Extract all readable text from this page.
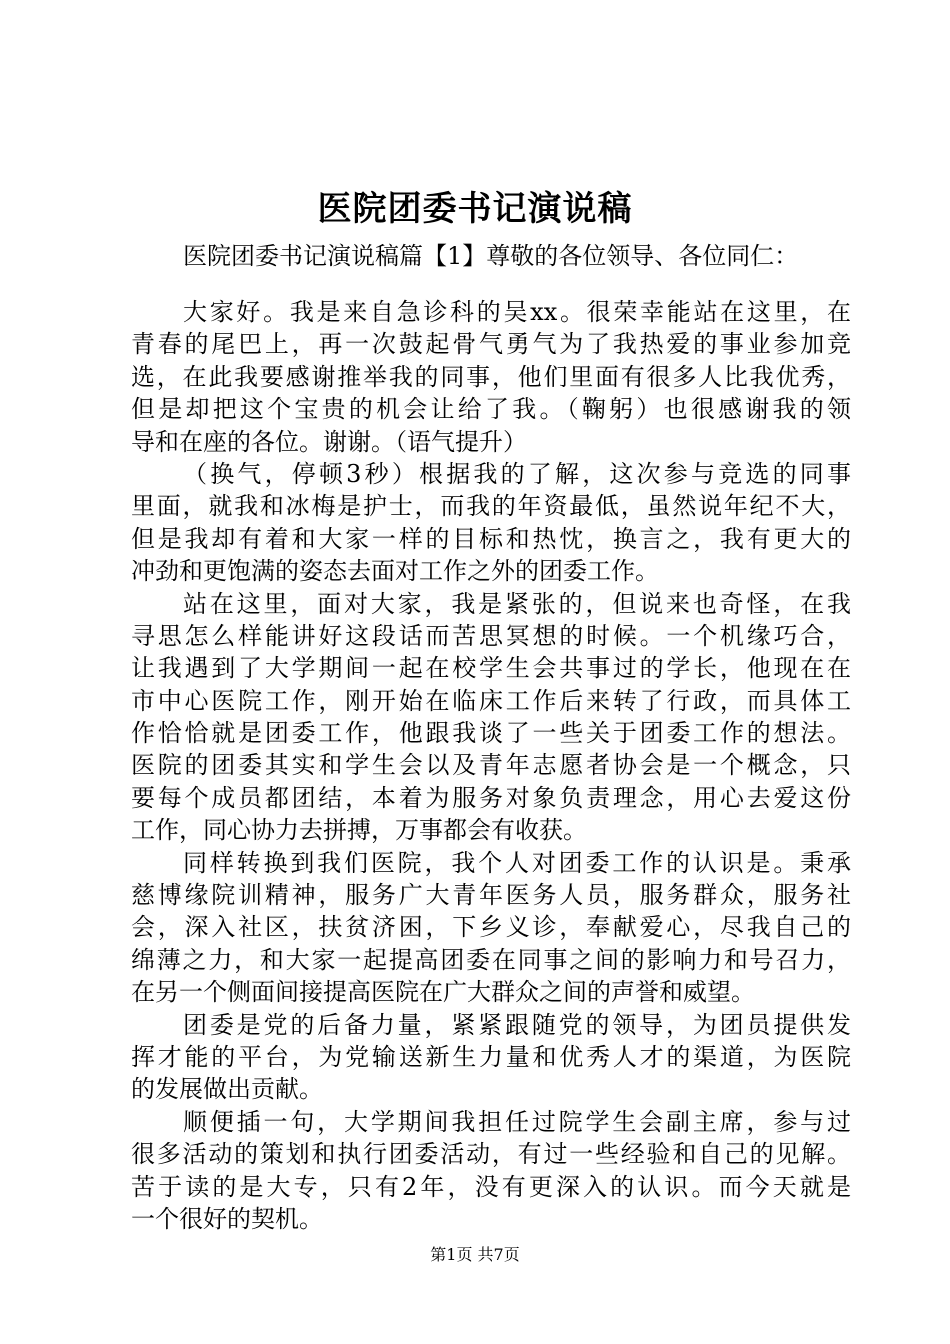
医院团委书记演说稿
医院团委书记演说稿篇【1】尊敬的各位领导、各位同仁：
大家好。我是来自急诊科的吴xx。很荣幸能站在这里，在
青春的尾巴上，再一次鼓起骨气勇气为了我热爱的事业参加竞
选，在此我要感谢推举我的同事，他们里面有很多人比我优秀，
但是却把这个宝贵的机会让给了我。（鞠躬）也很感谢我的领
导和在座的各位。谢谢。（语气提升）
（换气，停顿3秒）根据我的了解，这次参与竞选的同事
里面，就我和冰梅是护士，而我的年资最低，虽然说年纪不大，
但是我却有着和大家一样的目标和热忱，换言之，我有更大的
冲劲和更饱满的姿态去面对工作之外的团委工作。
站在这里，面对大家，我是紧张的，但说来也奇怪，在我
寻思怎么样能讲好这段话而苦思冥想的时候。一个机缘巧合，
让我遇到了大学期间一起在校学生会共事过的学长，他现在在
市中心医院工作，刚开始在临床工作后来转了行政，而具体工
作恰恰就是团委工作，他跟我谈了一些关于团委工作的想法。
医院的团委其实和学生会以及青年志愿者协会是一个概念，只
要每个成员都团结，本着为服务对象负责理念，用心去爱这份
工作，同心协力去拼搏，万事都会有收获。
同样转换到我们医院，我个人对团委工作的认识是。秉承
慈博缘院训精神，服务广大青年医务人员，服务群众，服务社
会，深入社区，扶贫济困，下乡义诊，奉献爱心，尽我自己的
绵薄之力，和大家一起提高团委在同事之间的影响力和号召力，
在另一个侧面间接提高医院在广大群众之间的声誉和威望。
团委是党的后备力量，紧紧跟随党的领导，为团员提供发
挥才能的平台，为党输送新生力量和优秀人才的渠道，为医院
的发展做出贡献。
顺便插一句，大学期间我担任过院学生会副主席，参与过
很多活动的策划和执行团委活动，有过一些经验和自己的见解。
苦于读的是大专，只有2年，没有更深入的认识。而今天就是
一个很好的契机。
第1页 共7页
